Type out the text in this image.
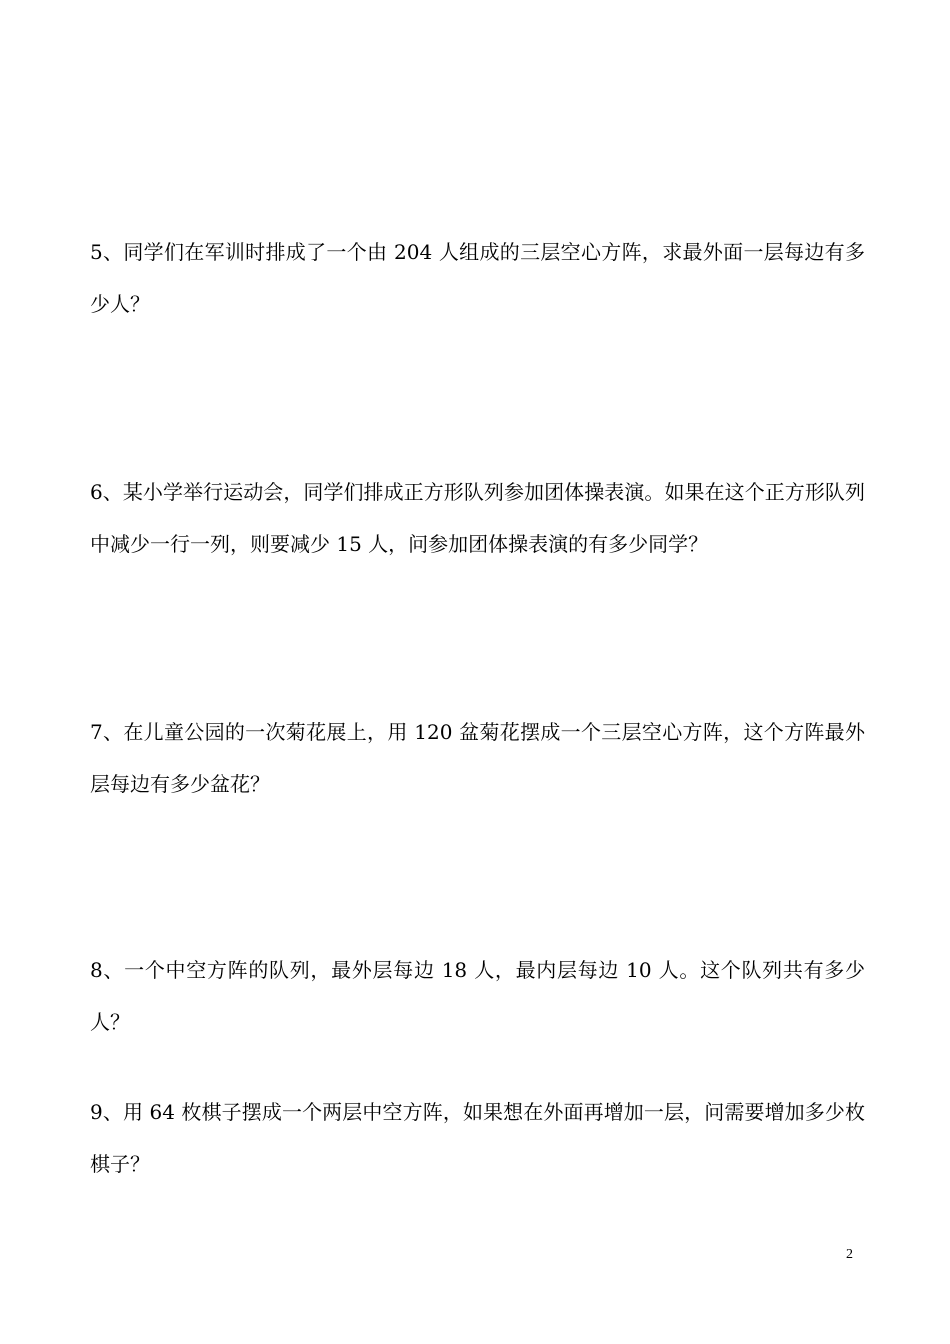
5、同学们在军训时排成了一个由 204 人组成的三层空心方阵，求最外面一层每边有多少人？

6、某小学举行运动会，同学们排成正方形队列参加团体操表演。如果在这个正方形队列中减少一行一列，则要减少 15 人，问参加团体操表演的有多少同学？

7、在儿童公园的一次菊花展上，用 120 盆菊花摆成一个三层空心方阵，这个方阵最外层每边有多少盆花？

8、一个中空方阵的队列，最外层每边 18 人，最内层每边 10 人。这个队列共有多少人？

9、用 64 枚棋子摆成一个两层中空方阵，如果想在外面再增加一层，问需要增加多少枚棋子？

2
